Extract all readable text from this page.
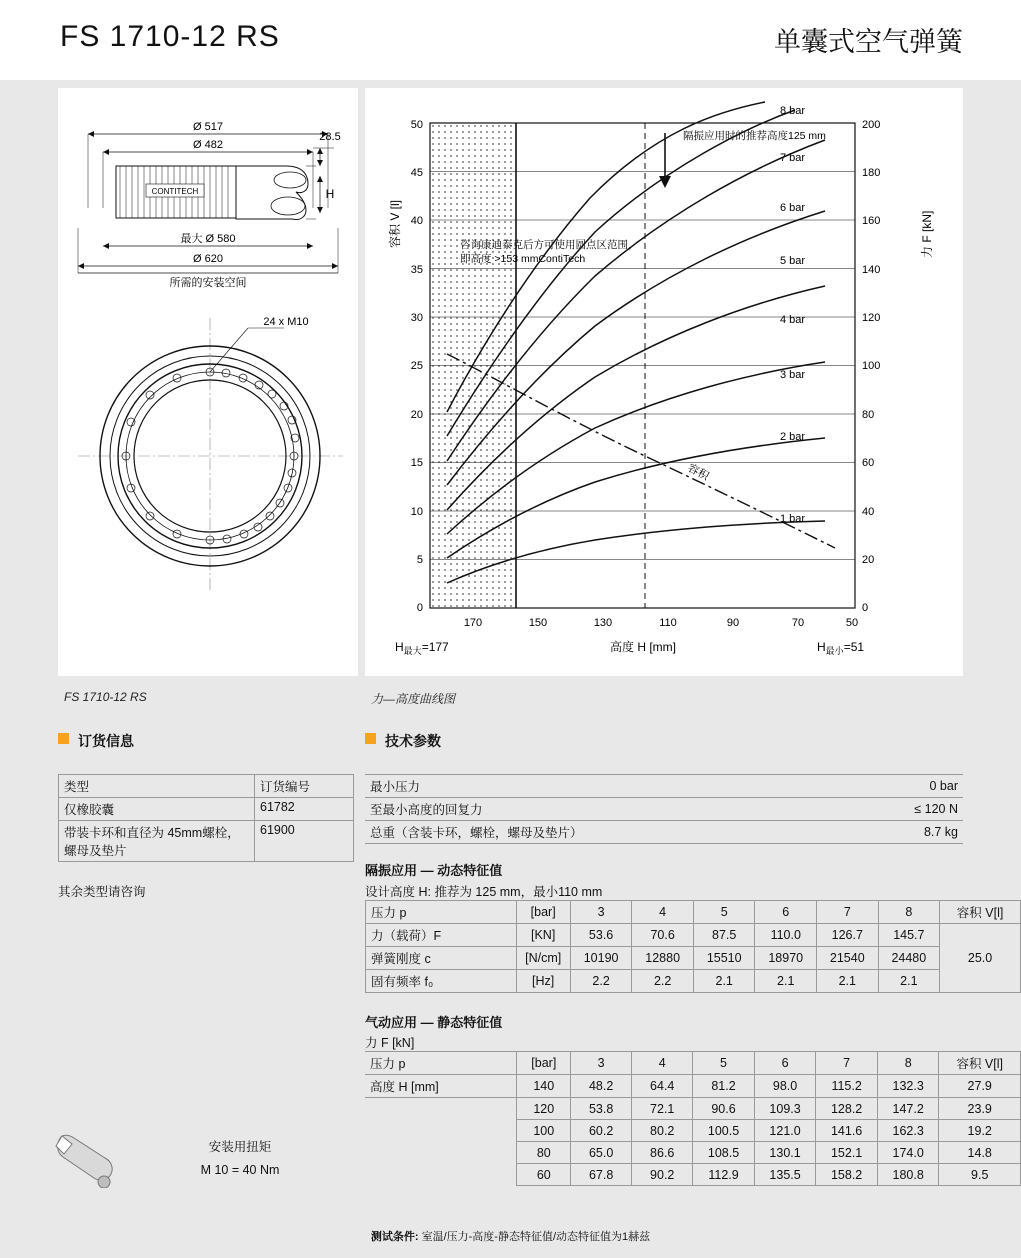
FS 1710-12 RS	单囊式空气弹簧
Ø 517
Ø 482
CONTITECH
28.5
H
最大 Ø 580
Ø 620
所需的安装空间
24 x M10
隔振应用时的推荐高度125 mm
咨询康迪泰克后方可使用圆点区范围，
即高度 >153 mmContiTech
容积
1 bar
2 bar
3 bar
4 bar
5 bar
6 bar
7 bar
8 bar
50
45
40
35
30
25
20
15
10
5
0
200
180
160
140
120
100
80
60
40
20
0
170	150	130	110	90	70	50
容积 V [l]	力 F [kN]
高度 H [mm]
$H_{最大}=177$	$H_{最小}=51$
FS 1710-12 RS	力—高度曲线图
订货信息	技术参数
类型	订货编号
仅橡胶囊	61782
带装卡环和直径为 45mm螺栓，螺母及垫片	61900
其余类型请咨询
最小压力	0 bar
至最小高度的回复力	≤ 120 N
总重（含装卡环，螺栓，螺母及垫片）	8.7 kg
隔振应用 — 动态特征值
设计高度 H: 推荐为 125 mm，最小110 mm
压力 p	[bar]	3	4	5	6	7	8	容积 V[l]
力（载荷）F	[KN]	53.6	70.6	87.5	110.0	126.7	145.7	25.0
弹簧刚度 c	[N/cm]	10190	12880	15510	18970	21540	24480	
固有频率 f₀	[Hz]	2.2	2.2	2.1	2.1	2.1	2.1	
气动应用 — 静态特征值
力 F [kN]
压力 p	[bar]	3	4	5	6	7	8	容积 V[l]
高度 H [mm]	140	48.2	64.4	81.2	98.0	115.2	132.3	27.9
	120	53.8	72.1	90.6	109.3	128.2	147.2	23.9
	100	60.2	80.2	100.5	121.0	141.6	162.3	19.2
	80	65.0	86.6	108.5	130.1	152.1	174.0	14.8
	60	67.8	90.2	112.9	135.5	158.2	180.8	9.5
安装用扭矩
M 10 = 40 Nm
测试条件: 室温/压力-高度-静态特征值/动态特征值为1赫兹
